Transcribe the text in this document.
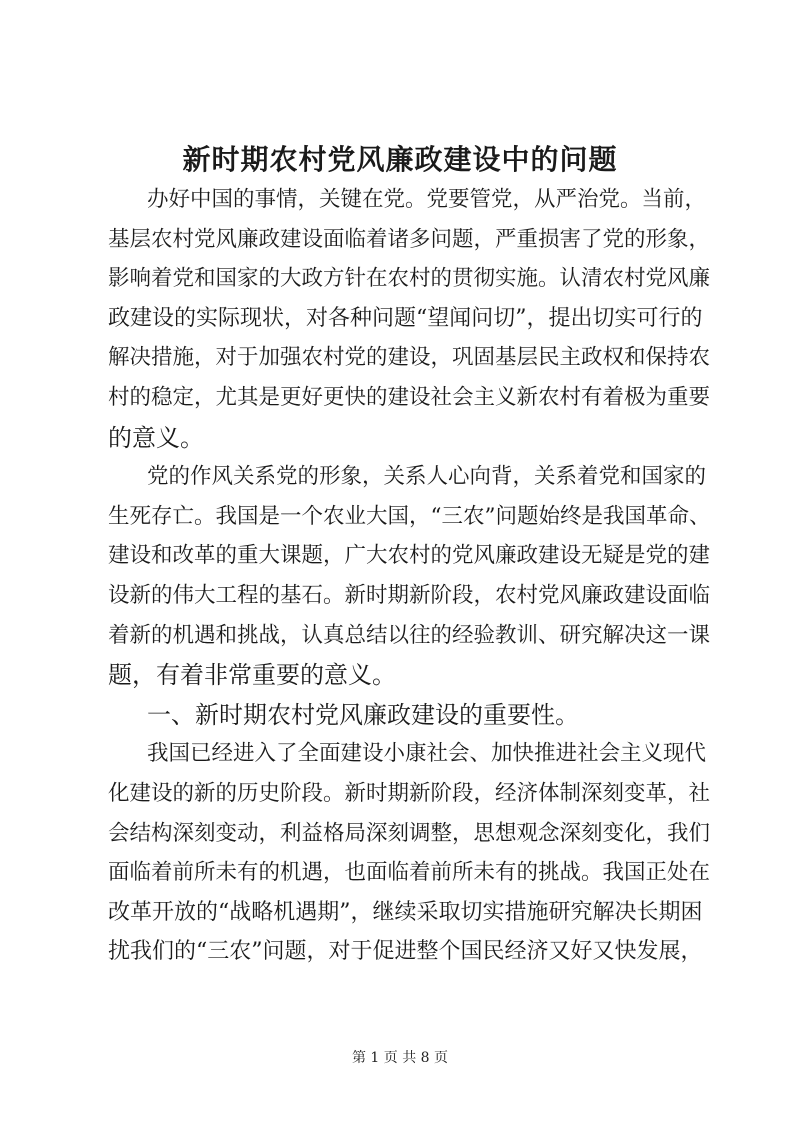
新时期农村党风廉政建设中的问题

办好中国的事情，关键在党。党要管党，从严治党。当前，

基层农村党风廉政建设面临着诸多问题，严重损害了党的形象，

影响着党和国家的大政方针在农村的贯彻实施。认清农村党风廉

政建设的实际现状，对各种问题“望闻问切”，提出切实可行的

解决措施，对于加强农村党的建设，巩固基层民主政权和保持农

村的稳定，尤其是更好更快的建设社会主义新农村有着极为重要

的意义。

党的作风关系党的形象，关系人心向背，关系着党和国家的

生死存亡。我国是一个农业大国，“三农”问题始终是我国革命、

建设和改革的重大课题，广大农村的党风廉政建设无疑是党的建

设新的伟大工程的基石。新时期新阶段，农村党风廉政建设面临

着新的机遇和挑战，认真总结以往的经验教训、研究解决这一课

题，有着非常重要的意义。

一、新时期农村党风廉政建设的重要性。

我国已经进入了全面建设小康社会、加快推进社会主义现代

化建设的新的历史阶段。新时期新阶段，经济体制深刻变革，社

会结构深刻变动，利益格局深刻调整，思想观念深刻变化，我们

面临着前所未有的机遇，也面临着前所未有的挑战。我国正处在

改革开放的“战略机遇期”，继续采取切实措施研究解决长期困

扰我们的“三农”问题，对于促进整个国民经济又好又快发展，

第 1 页 共 8 页
